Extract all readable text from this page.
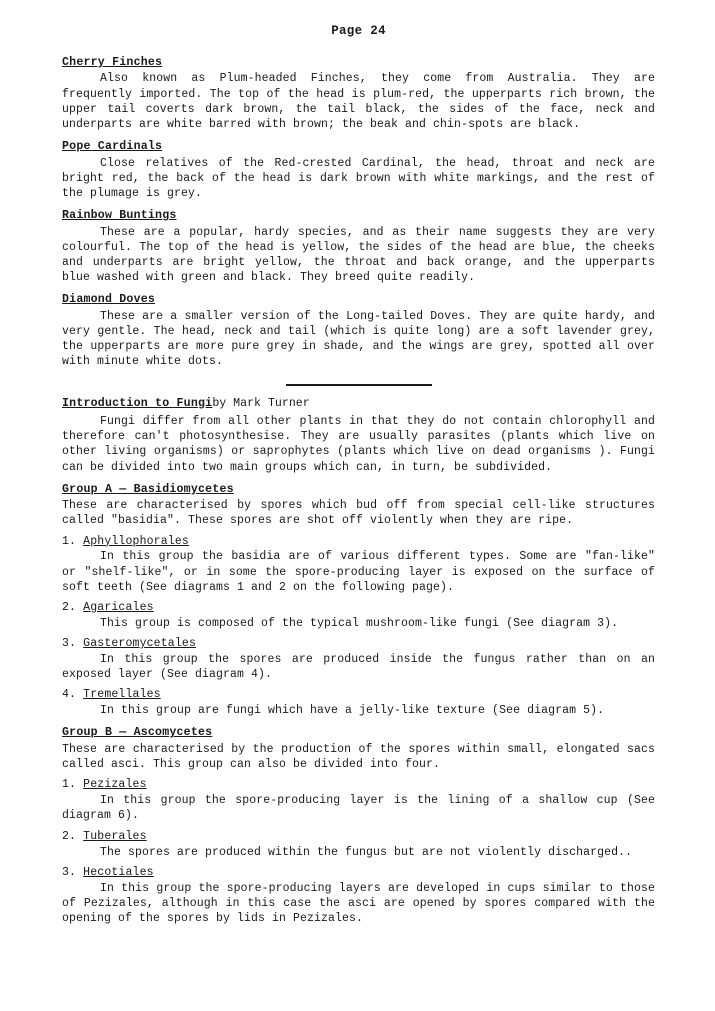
Page 24
Cherry Finches

Also known as Plum-headed Finches, they come from Australia. They are frequently imported. The top of the head is plum-red, the upperparts rich brown, the upper tail coverts dark brown, the tail black, the sides of the face, neck and underparts are white barred with brown; the beak and chin-spots are black.

Pope Cardinals

Close relatives of the Red-crested Cardinal, the head, throat and neck are bright red, the back of the head is dark brown with white markings, and the rest of the plumage is grey.

Rainbow Buntings

These are a popular, hardy species, and as their name suggests they are very colourful. The top of the head is yellow, the sides of the head are blue, the cheeks and underparts are bright yellow, the throat and back orange, and the upperparts blue washed with green and black. They breed quite readily.

Diamond Doves

These are a smaller version of the Long-tailed Doves. They are quite hardy, and very gentle. The head, neck and tail (which is quite long) are a soft lavender grey, the upperparts are more pure grey in shade, and the wings are grey, spotted all over with minute white dots.

Introduction to Fungiby Mark Turner

Fungi differ from all other plants in that they do not contain chlorophyll and therefore can't photosynthesise. They are usually parasites (plants which live on other living organisms) or saprophytes (plants which live on dead organisms ). Fungi can be divided into two main groups which can, in turn, be subdivided.

Group A — Basidiomycetes

These are characterised by spores which bud off from special cell-like structures called "basidia". These spores are shot off violently when they are ripe.

1. Aphyllophorales

In this group the basidia are of various different types. Some are "fan-like" or "shelf-like", or in some the spore-producing layer is exposed on the surface of soft teeth (See diagrams 1 and 2 on the following page).

2. Agaricales

This group is composed of the typical mushroom-like fungi (See diagram 3).

3. Gasteromycetales

In this group the spores are produced inside the fungus rather than on an exposed layer (See diagram 4).

4. Tremellales

In this group are fungi which have a jelly-like texture (See diagram 5).

Group B — Ascomycetes

These are characterised by the production of the spores within small, elongated sacs called asci. This group can also be divided into four.

1. Pezizales

In this group the spore-producing layer is the lining of a shallow cup (See diagram 6).

2. Tuberales

The spores are produced within the fungus but are not violently discharged..

3. Hecotiales

In this group the spore-producing layers are developed in cups similar to those of Pezizales, although in this case the asci are opened by spores compared with the opening of the spores by lids in Pezizales.
